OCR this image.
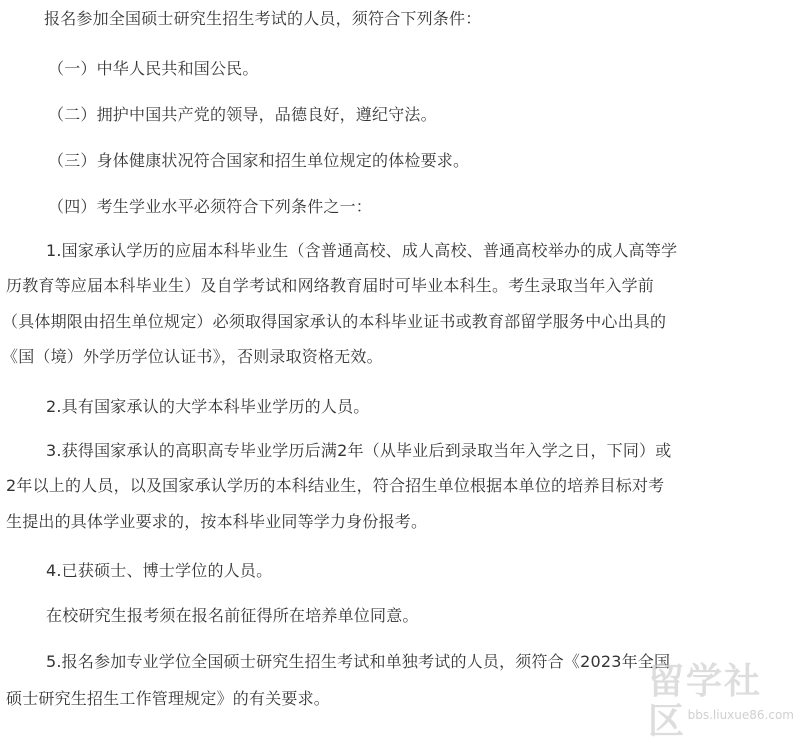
报名参加全国硕士研究生招生考试的人员，须符合下列条件：
（一）中华人民共和国公民。
（二）拥护中国共产党的领导，品德良好，遵纪守法。
（三）身体健康状况符合国家和招生单位规定的体检要求。
（四）考生学业水平必须符合下列条件之一：
1.国家承认学历的应届本科毕业生（含普通高校、成人高校、普通高校举办的成人高等学
历教育等应届本科毕业生）及自学考试和网络教育届时可毕业本科生。考生录取当年入学前
（具体期限由招生单位规定）必须取得国家承认的本科毕业证书或教育部留学服务中心出具的
《国（境）外学历学位认证书》，否则录取资格无效。
2.具有国家承认的大学本科毕业学历的人员。
3.获得国家承认的高职高专毕业学历后满2年（从毕业后到录取当年入学之日，下同）或
2年以上的人员，以及国家承认学历的本科结业生，符合招生单位根据本单位的培养目标对考
生提出的具体学业要求的，按本科毕业同等学力身份报考。
4.已获硕士、博士学位的人员。
在校研究生报考须在报名前征得所在培养单位同意。
5.报名参加专业学位全国硕士研究生招生考试和单独考试的人员，须符合《2023年全国
硕士研究生招生工作管理规定》的有关要求。	留学社区 bbs.liuxue86.com
